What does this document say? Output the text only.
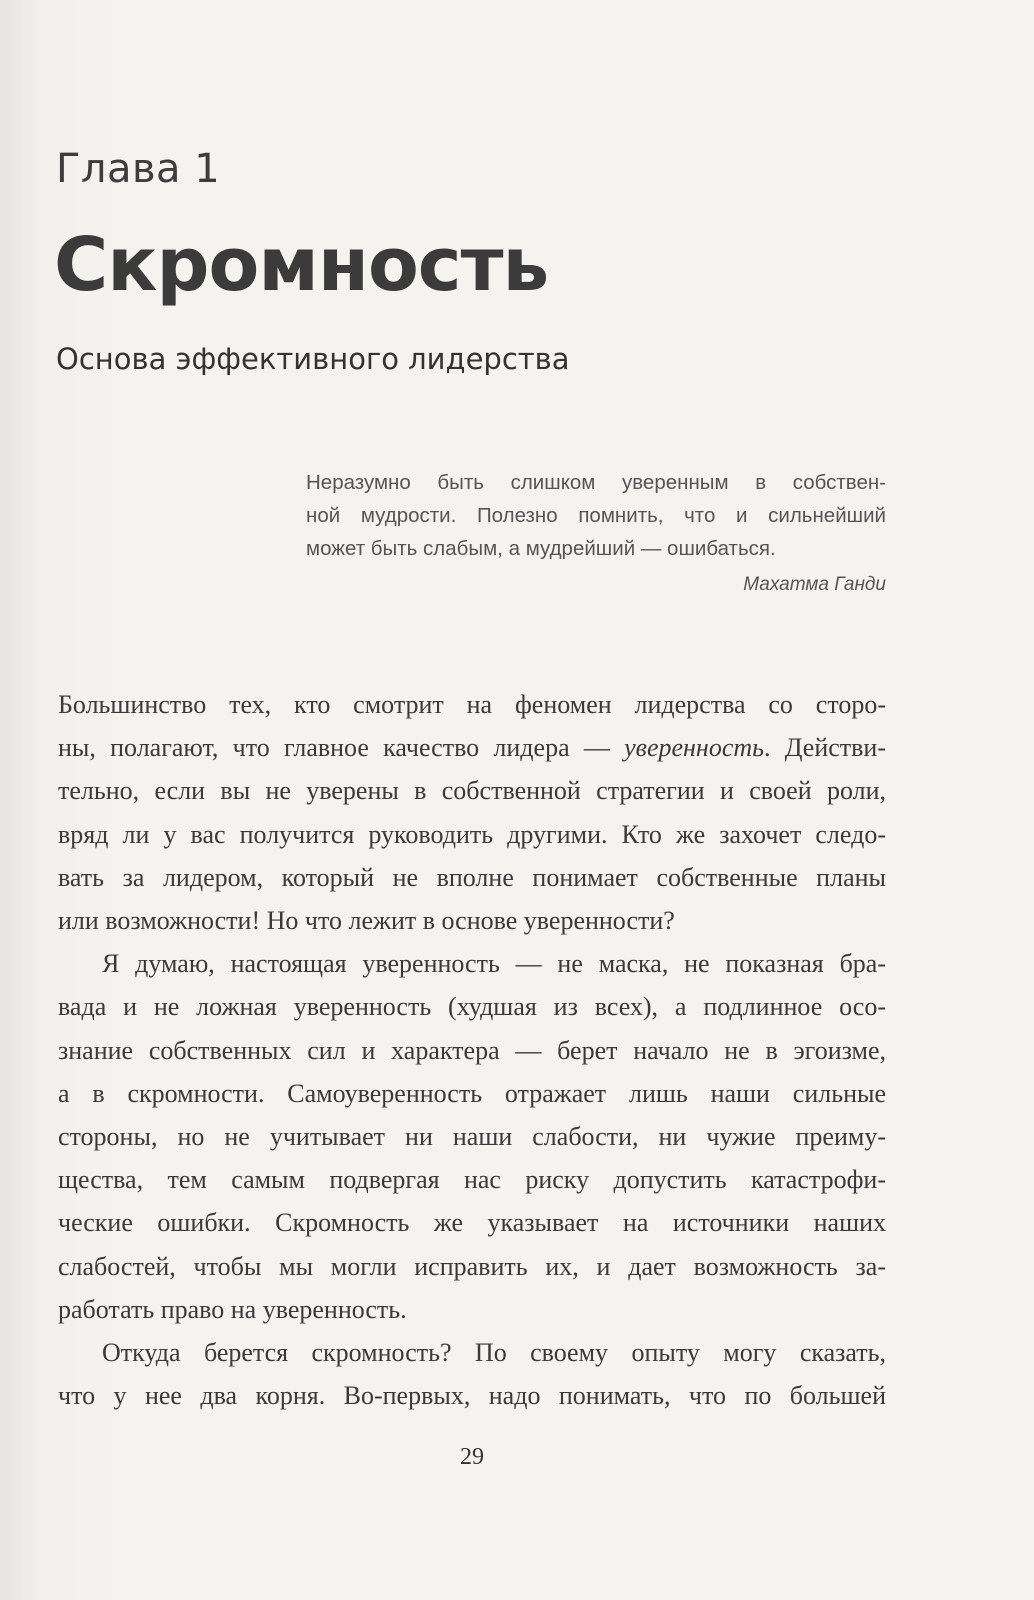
Глава 1
Скромность
Основа эффективного лидерства
Неразумно быть слишком уверенным в собствен-
ной мудрости. Полезно помнить, что и сильнейший
может быть слабым, а мудрейший — ошибаться.
Махатма Ганди
Большинство тех, кто смотрит на феномен лидерства со сторо-
ны, полагают, что главное качество лидера — уверенность. Действи-
тельно, если вы не уверены в собственной стратегии и своей роли,
вряд ли у вас получится руководить другими. Кто же захочет следо-
вать за лидером, который не вполне понимает собственные планы
или возможности! Но что лежит в основе уверенности?
Я думаю, настоящая уверенность — не маска, не показная бра-
вада и не ложная уверенность (худшая из всех), а подлинное осо-
знание собственных сил и характера — берет начало не в эгоизме,
а в скромности. Самоуверенность отражает лишь наши сильные
стороны, но не учитывает ни наши слабости, ни чужие преиму-
щества, тем самым подвергая нас риску допустить катастрофи-
ческие ошибки. Скромность же указывает на источники наших
слабостей, чтобы мы могли исправить их, и дает возможность за-
работать право на уверенность.
Откуда берется скромность? По своему опыту могу сказать,
что у нее два корня. Во-первых, надо понимать, что по большей
29
